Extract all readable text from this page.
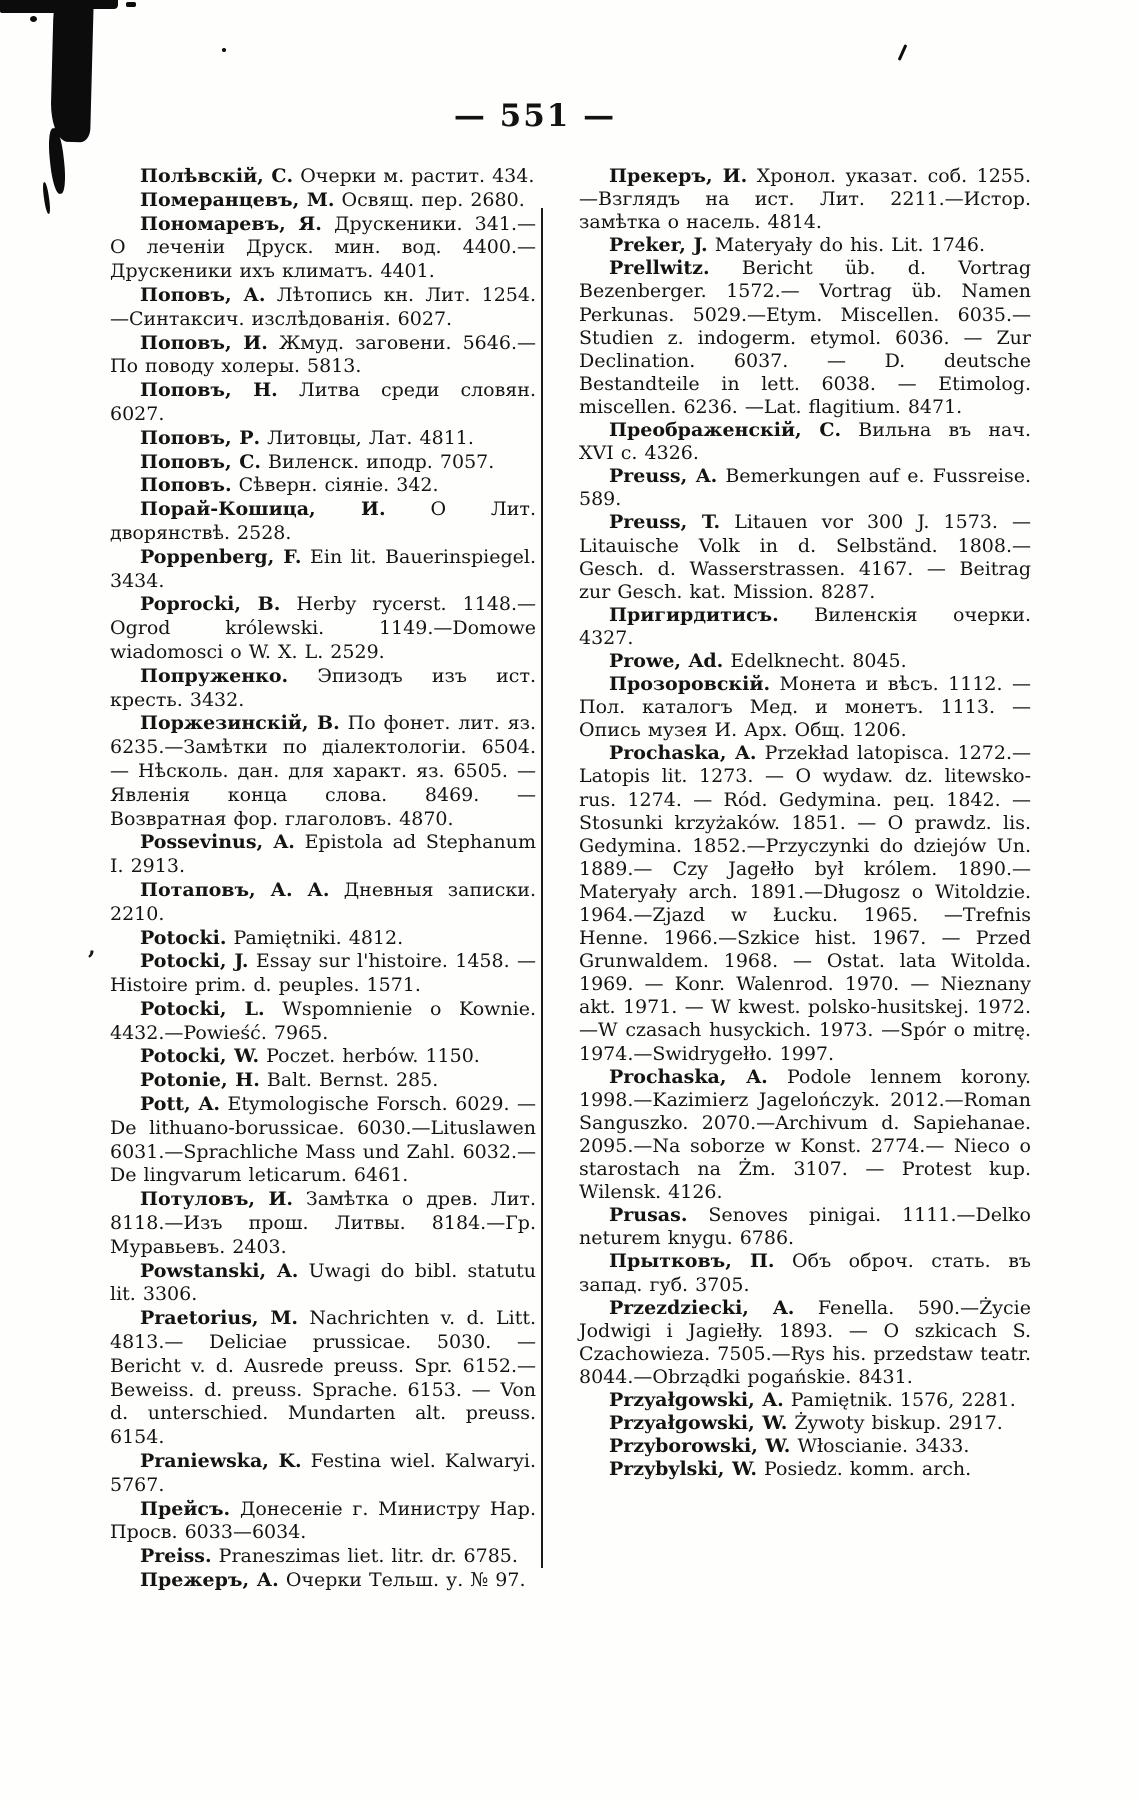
,
— 551 —

Полѣвскій, С. Очерки м. растит. 434.

Померанцевъ, М. Освящ. пер. 2680.

Пономаревъ, Я. Друскеники. 341.— О леченіи Друск. мин. вод. 4400.—Друскеники ихъ климатъ. 4401.

Поповъ, А. Лѣтопись кн. Лит. 1254. —Синтаксич. изслѣдованія. 6027.

Поповъ, И. Жмуд. заговени. 5646.— По поводу холеры. 5813.

Поповъ, Н. Литва среди словян. 6027.

Поповъ, Р. Литовцы, Лат. 4811.

Поповъ, С. Виленск. иподр. 7057.

Поповъ. Сѣверн. сіяніе. 342.

Порай-Кошица, И. О Лит. дворянствѣ. 2528.

Poppenberg, F. Ein lit. Bauerinspiegel. 3434.

Poprocki, B. Herby rycerst. 1148.— Ogrod królewski. 1149.—Domowe wiadomosci o W. X. L. 2529.

Попруженко. Эпизодъ изъ ист. кресть. 3432.

Поржезинскій, В. По фонет. лит. яз. 6235.—Замѣтки по діалектологіи. 6504. — Нѣсколь. дан. для характ. яз. 6505. — Явленія конца слова. 8469. — Возвратная фор. глаголовъ. 4870.

Possevinus, A. Epistola ad Stephanum I. 2913.

Потаповъ, А. А. Дневныя записки. 2210.

Potocki. Pamiętniki. 4812.

Potocki, J. Essay sur l'histoire. 1458. —Histoire prim. d. peuples. 1571.

Potocki, L. Wspomnienie o Kownie. 4432.—Powieść. 7965.

Potocki, W. Poczet. herbów. 1150.

Potonie, H. Balt. Bernst. 285.

Pott, A. Etymologische Forsch. 6029. —De lithuano-borussicae. 6030.—Lituslawen 6031.—Sprachliche Mass und Zahl. 6032.— De lingvarum leticarum. 6461.

Потуловъ, И. Замѣтка о древ. Лит. 8118.—Изъ прош. Литвы. 8184.—Гр. Муравьевъ. 2403.

Powstanski, A. Uwagi do bibl. statutu lit. 3306.

Praetorius, M. Nachrichten v. d. Litt. 4813.— Deliciae prussicae. 5030. — Bericht v. d. Ausrede preuss. Spr. 6152.—Beweiss. d. preuss. Sprache. 6153. — Von d. unterschied. Mundarten alt. preuss. 6154.

Praniewska, K. Festina wiel. Kalwaryi. 5767.

Прейсъ. Донесеніе г. Министру Нар. Просв. 6033—6034.

Preiss. Praneszimas liet. litr. dr. 6785.

Прежеръ, А. Очерки Тельш. у. № 97.

Прекеръ, И. Хронол. указат. соб. 1255.—Взглядъ на ист. Лит. 2211.—Истор. замѣтка о насель. 4814.

Preker, J. Materyały do his. Lit. 1746.

Prellwitz. Bericht üb. d. Vortrag Bezenberger. 1572.— Vortrag üb. Namen Perkunas. 5029.—Etym. Miscellen. 6035.—Studien z. indogerm. etymol. 6036. — Zur Declination. 6037. — D. deutsche Bestandteile in lett. 6038. — Etimolog. miscellen. 6236. —Lat. flagitium. 8471.

Преображенскій, С. Вильна въ нач. XVI с. 4326.

Preuss, A. Bemerkungen auf e. Fussreise. 589.

Preuss, T. Litauen vor 300 J. 1573. —Litauische Volk in d. Selbständ. 1808.— Gesch. d. Wasserstrassen. 4167. — Beitrag zur Gesch. kat. Mission. 8287.

Пригирдитисъ. Виленскія очерки. 4327.

Prowe, Ad. Edelknecht. 8045.

Прозоровскій. Монета и вѣсъ. 1112. — Пол. каталогъ Мед. и монетъ. 1113. — Опись музея И. Арх. Общ. 1206.

Prochaska, A. Przekład latopisca. 1272.— Latopis lit. 1273. — O wydaw. dz. litewsko-rus. 1274. — Ród. Gedymina. рец. 1842. — Stosunki krzyżaków. 1851. — O prawdz. lis. Gedymina. 1852.—Przyczynki do dziejów Un. 1889.— Czy Jagełło był królem. 1890.—Materyały arch. 1891.—Długosz o Witoldzie. 1964.—Zjazd w Łucku. 1965. —Trefnis Henne. 1966.—Szkice hist. 1967. — Przed Grunwaldem. 1968. — Ostat. lata Witolda. 1969. — Konr. Walenrod. 1970. — Nieznany akt. 1971. — W kwest. polsko-husitskej. 1972.—W czasach husyckich. 1973. —Spór o mitrę. 1974.—Swidrygełło. 1997.

Prochaska, A. Podole lennem korony. 1998.—Kazimierz Jagelończyk. 2012.—Roman Sanguszko. 2070.—Archivum d. Sapiehanae. 2095.—Na soborze w Konst. 2774.— Nieco o starostach na Żm. 3107. — Protest kup. Wilensk. 4126.

Prusas. Senoves pinigai. 1111.—Delko neturem knygu. 6786.

Прытковъ, П. Объ оброч. стать. въ запад. губ. 3705.

Przezdziecki, A. Fenella. 590.—Życie Jodwigi i Jagiełły. 1893. — O szkicach S. Czachowieza. 7505.—Rys his. przedstaw teatr. 8044.—Obrządki pogańskie. 8431.

Przyałgowski, A. Pamiętnik. 1576, 2281.

Przyałgowski, W. Żywoty biskup. 2917.

Przyborowski, W. Włoscianie. 3433.

Przybylski, W. Posiedz. komm. arch.
